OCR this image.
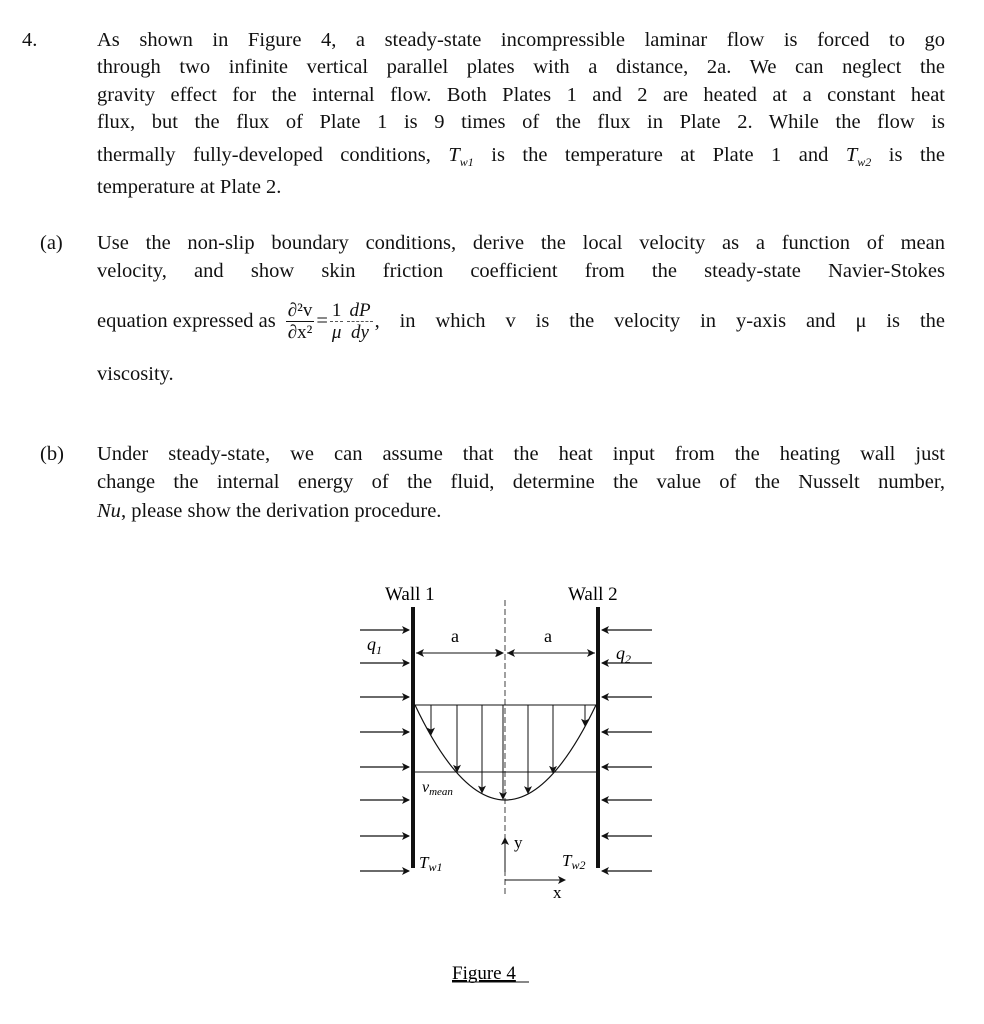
4.	As shown in Figure 4, a steady-state incompressible laminar flow is forced to go
through two infinite vertical parallel plates with a distance, 2a. We can neglect the
gravity effect for the internal flow. Both Plates 1 and 2 are heated at a constant heat
flux, but the flux of Plate 1 is 9 times of the flux in Plate 2. While the flow is
thermally fully-developed conditions, $T_{w1}$ is the temperature at Plate 1 and $T_{w2}$ is the
temperature at Plate 2.
(a) Use the non-slip boundary conditions, derive the local velocity as a function of mean
velocity, and show skin friction coefficient from the steady-state Navier-Stokes
equation expressed as $\frac{\text{∂²v}}{\text{∂x²}} = \frac{1}{\mu} \frac{dP}{dy}$ , in which v is the velocity in y-axis and μ is the
viscosity.
(b) Under steady-state, we can assume that the heat input from the heating wall just
change the internal energy of the fluid, determine the value of the Nusselt number,
Nu, please show the derivation procedure.
Wall 1	Wall 2
a	a
$q_1$	$q_2$
vmean
y
x
Tw1	Tw2
Figure 4
